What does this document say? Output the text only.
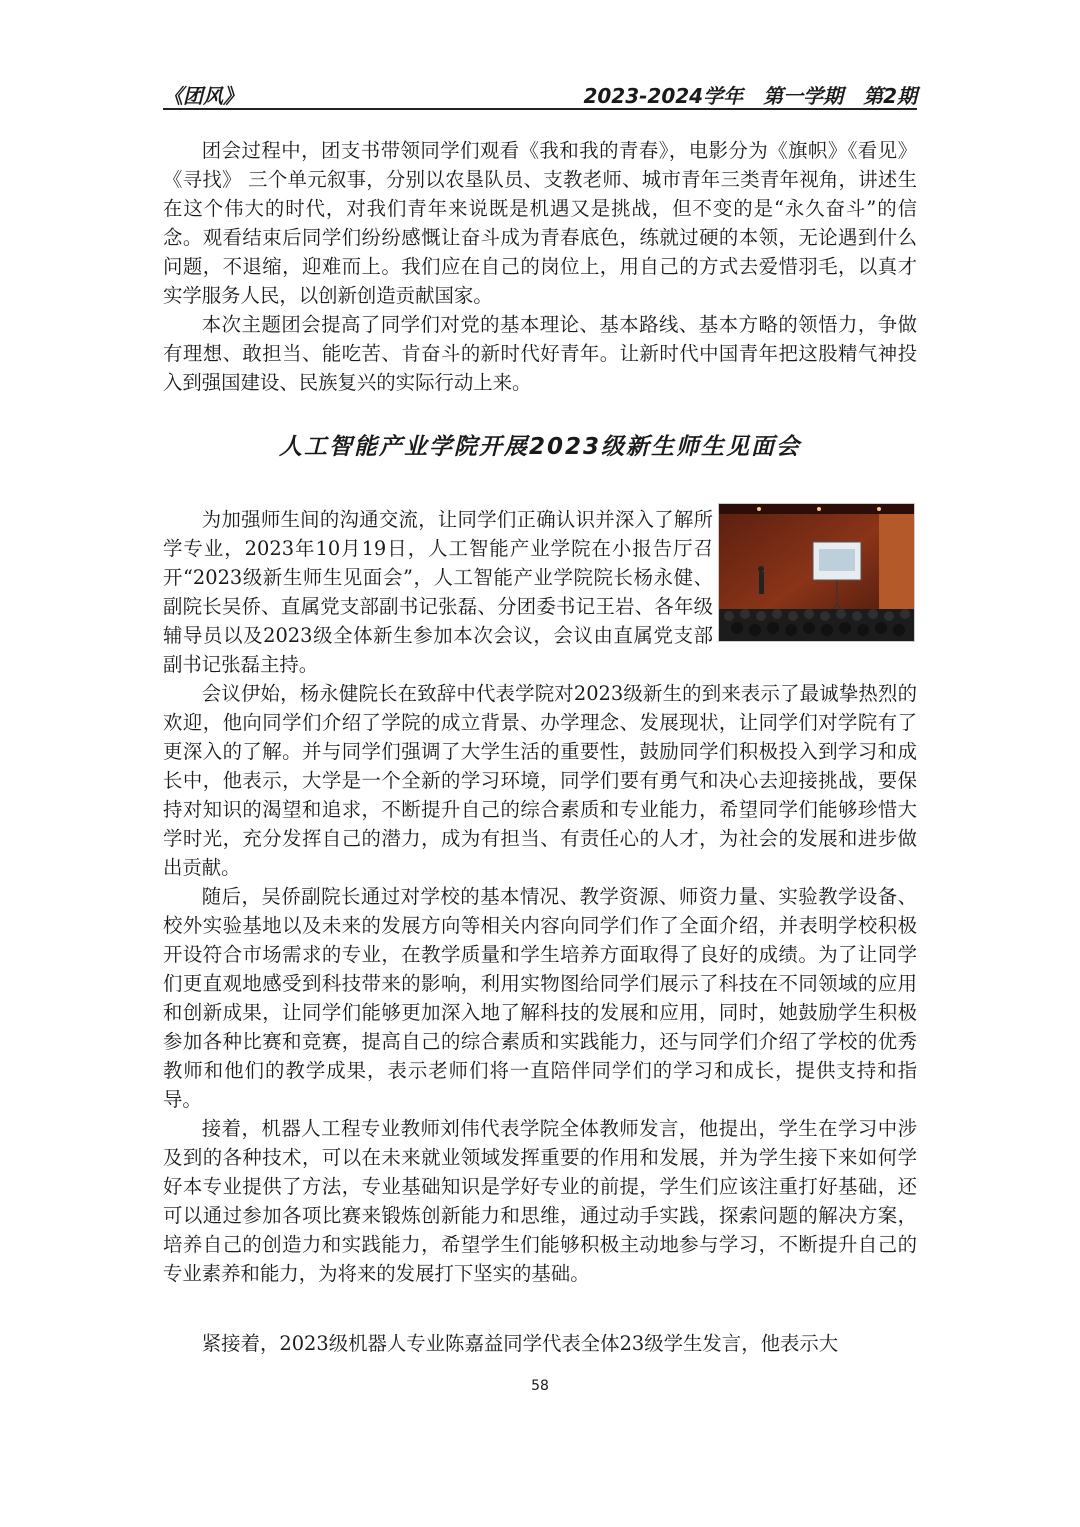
《团风》	2023-2024学年　第一学期　第2期

团会过程中，团支书带领同学们观看《我和我的青春》，电影分为《旗帜》《看见》《寻找》 三个单元叙事，分别以农垦队员、支教老师、城市青年三类青年视角，讲述生在这个伟大的时代，对我们青年来说既是机遇又是挑战，但不变的是“永久奋斗”的信念。观看结束后同学们纷纷感慨让奋斗成为青春底色，练就过硬的本领，无论遇到什么问题，不退缩，迎难而上。我们应在自己的岗位上，用自己的方式去爱惜羽毛，以真才实学服务人民，以创新创造贡献国家。

本次主题团会提高了同学们对党的基本理论、基本路线、基本方略的领悟力，争做有理想、敢担当、能吃苦、肯奋斗的新时代好青年。让新时代中国青年把这股精气神投入到强国建设、民族复兴的实际行动上来。

人工智能产业学院开展2023级新生师生见面会

为加强师生间的沟通交流，让同学们正确认识并深入了解所学专业，2023年10月19日，人工智能产业学院在小报告厅召开“2023级新生师生见面会”，人工智能产业学院院长杨永健、副院长吴侨、直属党支部副书记张磊、分团委书记王岩、各年级辅导员以及2023级全体新生参加本次会议，会议由直属党支部副书记张磊主持。

会议伊始，杨永健院长在致辞中代表学院对2023级新生的到来表示了最诚挚热烈的欢迎，他向同学们介绍了学院的成立背景、办学理念、发展现状，让同学们对学院有了更深入的了解。并与同学们强调了大学生活的重要性，鼓励同学们积极投入到学习和成长中，他表示，大学是一个全新的学习环境，同学们要有勇气和决心去迎接挑战，要保持对知识的渴望和追求，不断提升自己的综合素质和专业能力，希望同学们能够珍惜大学时光，充分发挥自己的潜力，成为有担当、有责任心的人才，为社会的发展和进步做出贡献。

随后，吴侨副院长通过对学校的基本情况、教学资源、师资力量、实验教学设备、校外实验基地以及未来的发展方向等相关内容向同学们作了全面介绍，并表明学校积极开设符合市场需求的专业，在教学质量和学生培养方面取得了良好的成绩。为了让同学们更直观地感受到科技带来的影响，利用实物图给同学们展示了科技在不同领域的应用和创新成果，让同学们能够更加深入地了解科技的发展和应用，同时，她鼓励学生积极参加各种比赛和竞赛，提高自己的综合素质和实践能力，还与同学们介绍了学校的优秀教师和他们的教学成果，表示老师们将一直陪伴同学们的学习和成长，提供支持和指导。

接着，机器人工程专业教师刘伟代表学院全体教师发言，他提出，学生在学习中涉及到的各种技术，可以在未来就业领域发挥重要的作用和发展，并为学生接下来如何学好本专业提供了方法，专业基础知识是学好专业的前提，学生们应该注重打好基础，还可以通过参加各项比赛来锻炼创新能力和思维，通过动手实践，探索问题的解决方案，培养自己的创造力和实践能力，希望学生们能够积极主动地参与学习，不断提升自己的专业素养和能力，为将来的发展打下坚实的基础。

紧接着，2023级机器人专业陈嘉益同学代表全体23级学生发言，他表示大

58
